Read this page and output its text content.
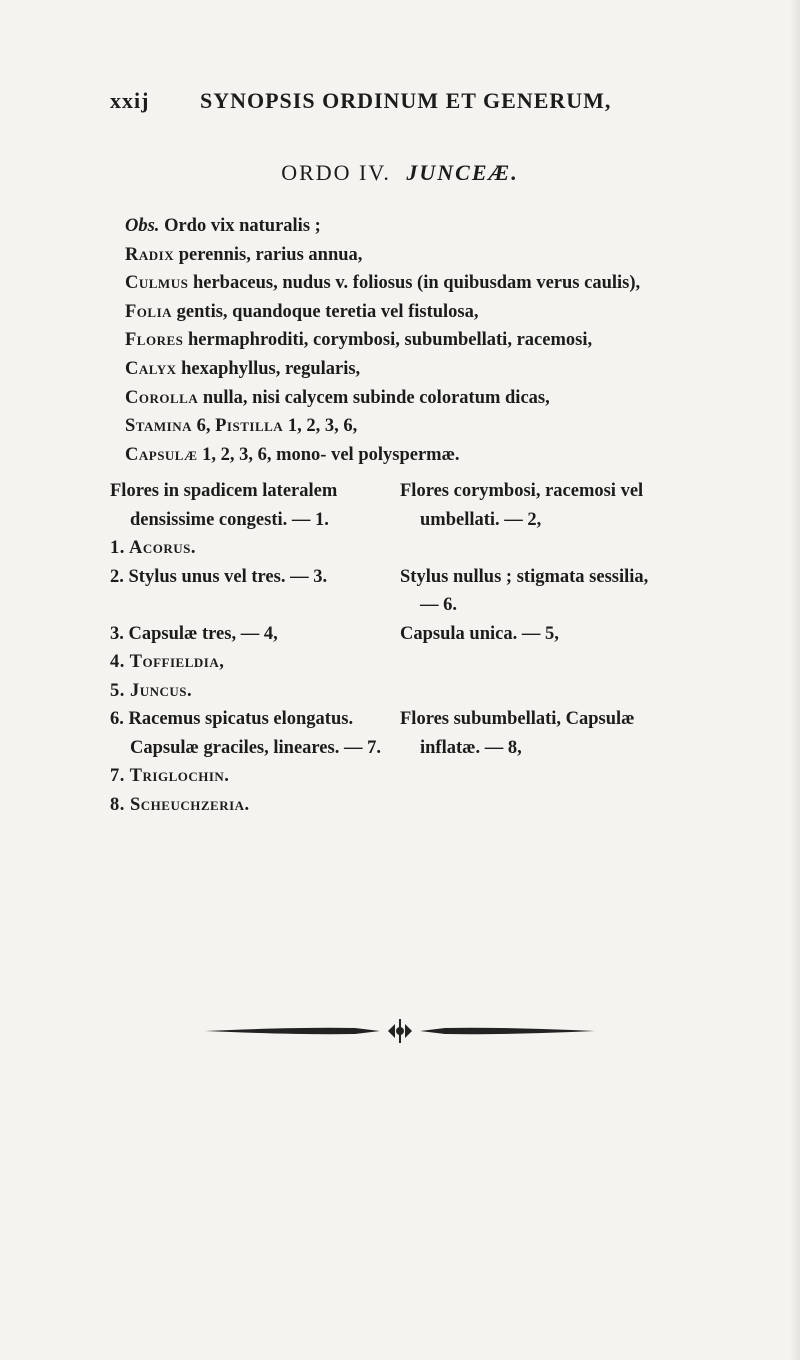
xxij SYNOPSIS ORDINUM ET GENERUM,
ORDO IV. JUNCEÆ.
Obs. Ordo vix naturalis ;
Radix perennis, rarius annua,
Culmus herbaceus, nudus v. foliosus (in quibusdam verus caulis),
Folia gentis, quandoque teretia vel fistulosa,
Flores hermaphroditi, corymbosi, subumbellati, racemosi,
Calyx hexaphyllus, regularis,
Corolla nulla, nisi calycem subinde coloratum dicas,
Stamina 6, Pistilla 1, 2, 3, 6,
Capsulæ 1, 2, 3, 6, mono- vel polyspermæ.
Flores in spadicem lateralem
densissime congesti. — 1.
1. Acorus.
2. Stylus unus vel tres. — 3.
3. Capsulæ tres, — 4,
4. Toffieldia,
5. Juncus.
6. Racemus spicatus elongatus.
Capsulæ graciles, lineares. — 7.
7. Triglochin.
8. Scheuchzeria.
Flores corymbosi, racemosi vel
umbellati. — 2,
Stylus nullus ; stigmata sessilia,
— 6.
Capsula unica. — 5,
Flores subumbellati, Capsulæ
inflatæ. — 8,
